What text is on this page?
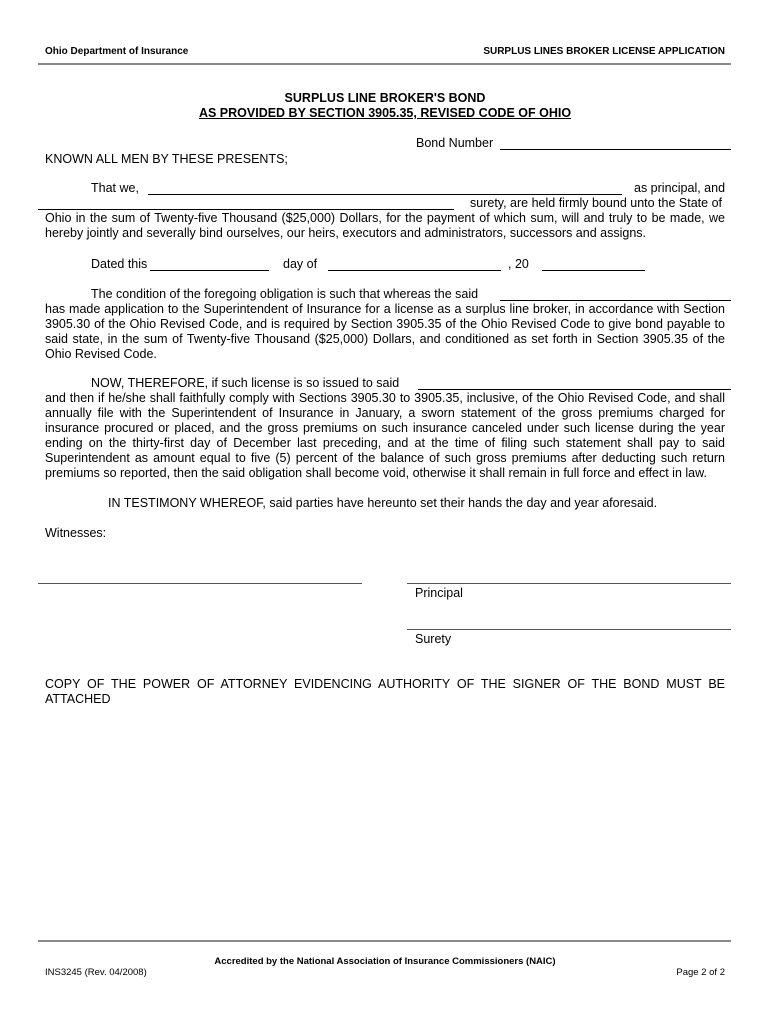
Ohio Department of Insurance	SURPLUS LINES BROKER LICENSE APPLICATION
SURPLUS LINE BROKER'S BOND
AS PROVIDED BY SECTION 3905.35, REVISED CODE OF OHIO
Bond Number
KNOWN ALL MEN BY THESE PRESENTS;
That we,	as principal, and
surety, are held firmly bound unto the State of
Ohio in the sum of Twenty-five Thousand ($25,000) Dollars, for the payment of which sum, will and truly to be made, we hereby jointly and severally bind ourselves, our heirs, executors and administrators, successors and assigns.
Dated this	day of	, 20
The condition of the foregoing obligation is such that whereas the said
has made application to the Superintendent of Insurance for a license as a surplus line broker, in accordance with Section 3905.30 of the Ohio Revised Code, and is required by Section 3905.35 of the Ohio Revised Code to give bond payable to said state, in the sum of Twenty-five Thousand ($25,000) Dollars, and conditioned as set forth in Section 3905.35 of the Ohio Revised Code.
NOW, THEREFORE, if such license is so issued to said
and then if he/she shall faithfully comply with Sections 3905.30 to 3905.35, inclusive, of the Ohio Revised Code, and shall annually file with the Superintendent of Insurance in January, a sworn statement of the gross premiums charged for insurance procured or placed, and the gross premiums on such insurance canceled under such license during the year ending on the thirty-first day of December last preceding, and at the time of filing such statement shall pay to said Superintendent as amount equal to five (5) percent of the balance of such gross premiums after deducting such return premiums so reported, then the said obligation shall become void, otherwise it shall remain in full force and effect in law.
IN TESTIMONY WHEREOF, said parties have hereunto set their hands the day and year aforesaid.
Witnesses:
Principal
Surety
COPY OF THE POWER OF ATTORNEY EVIDENCING AUTHORITY OF THE SIGNER OF THE BOND MUST BE ATTACHED
Accredited by the National Association of Insurance Commissioners (NAIC)
INS3245 (Rev. 04/2008)	Page 2 of 2
